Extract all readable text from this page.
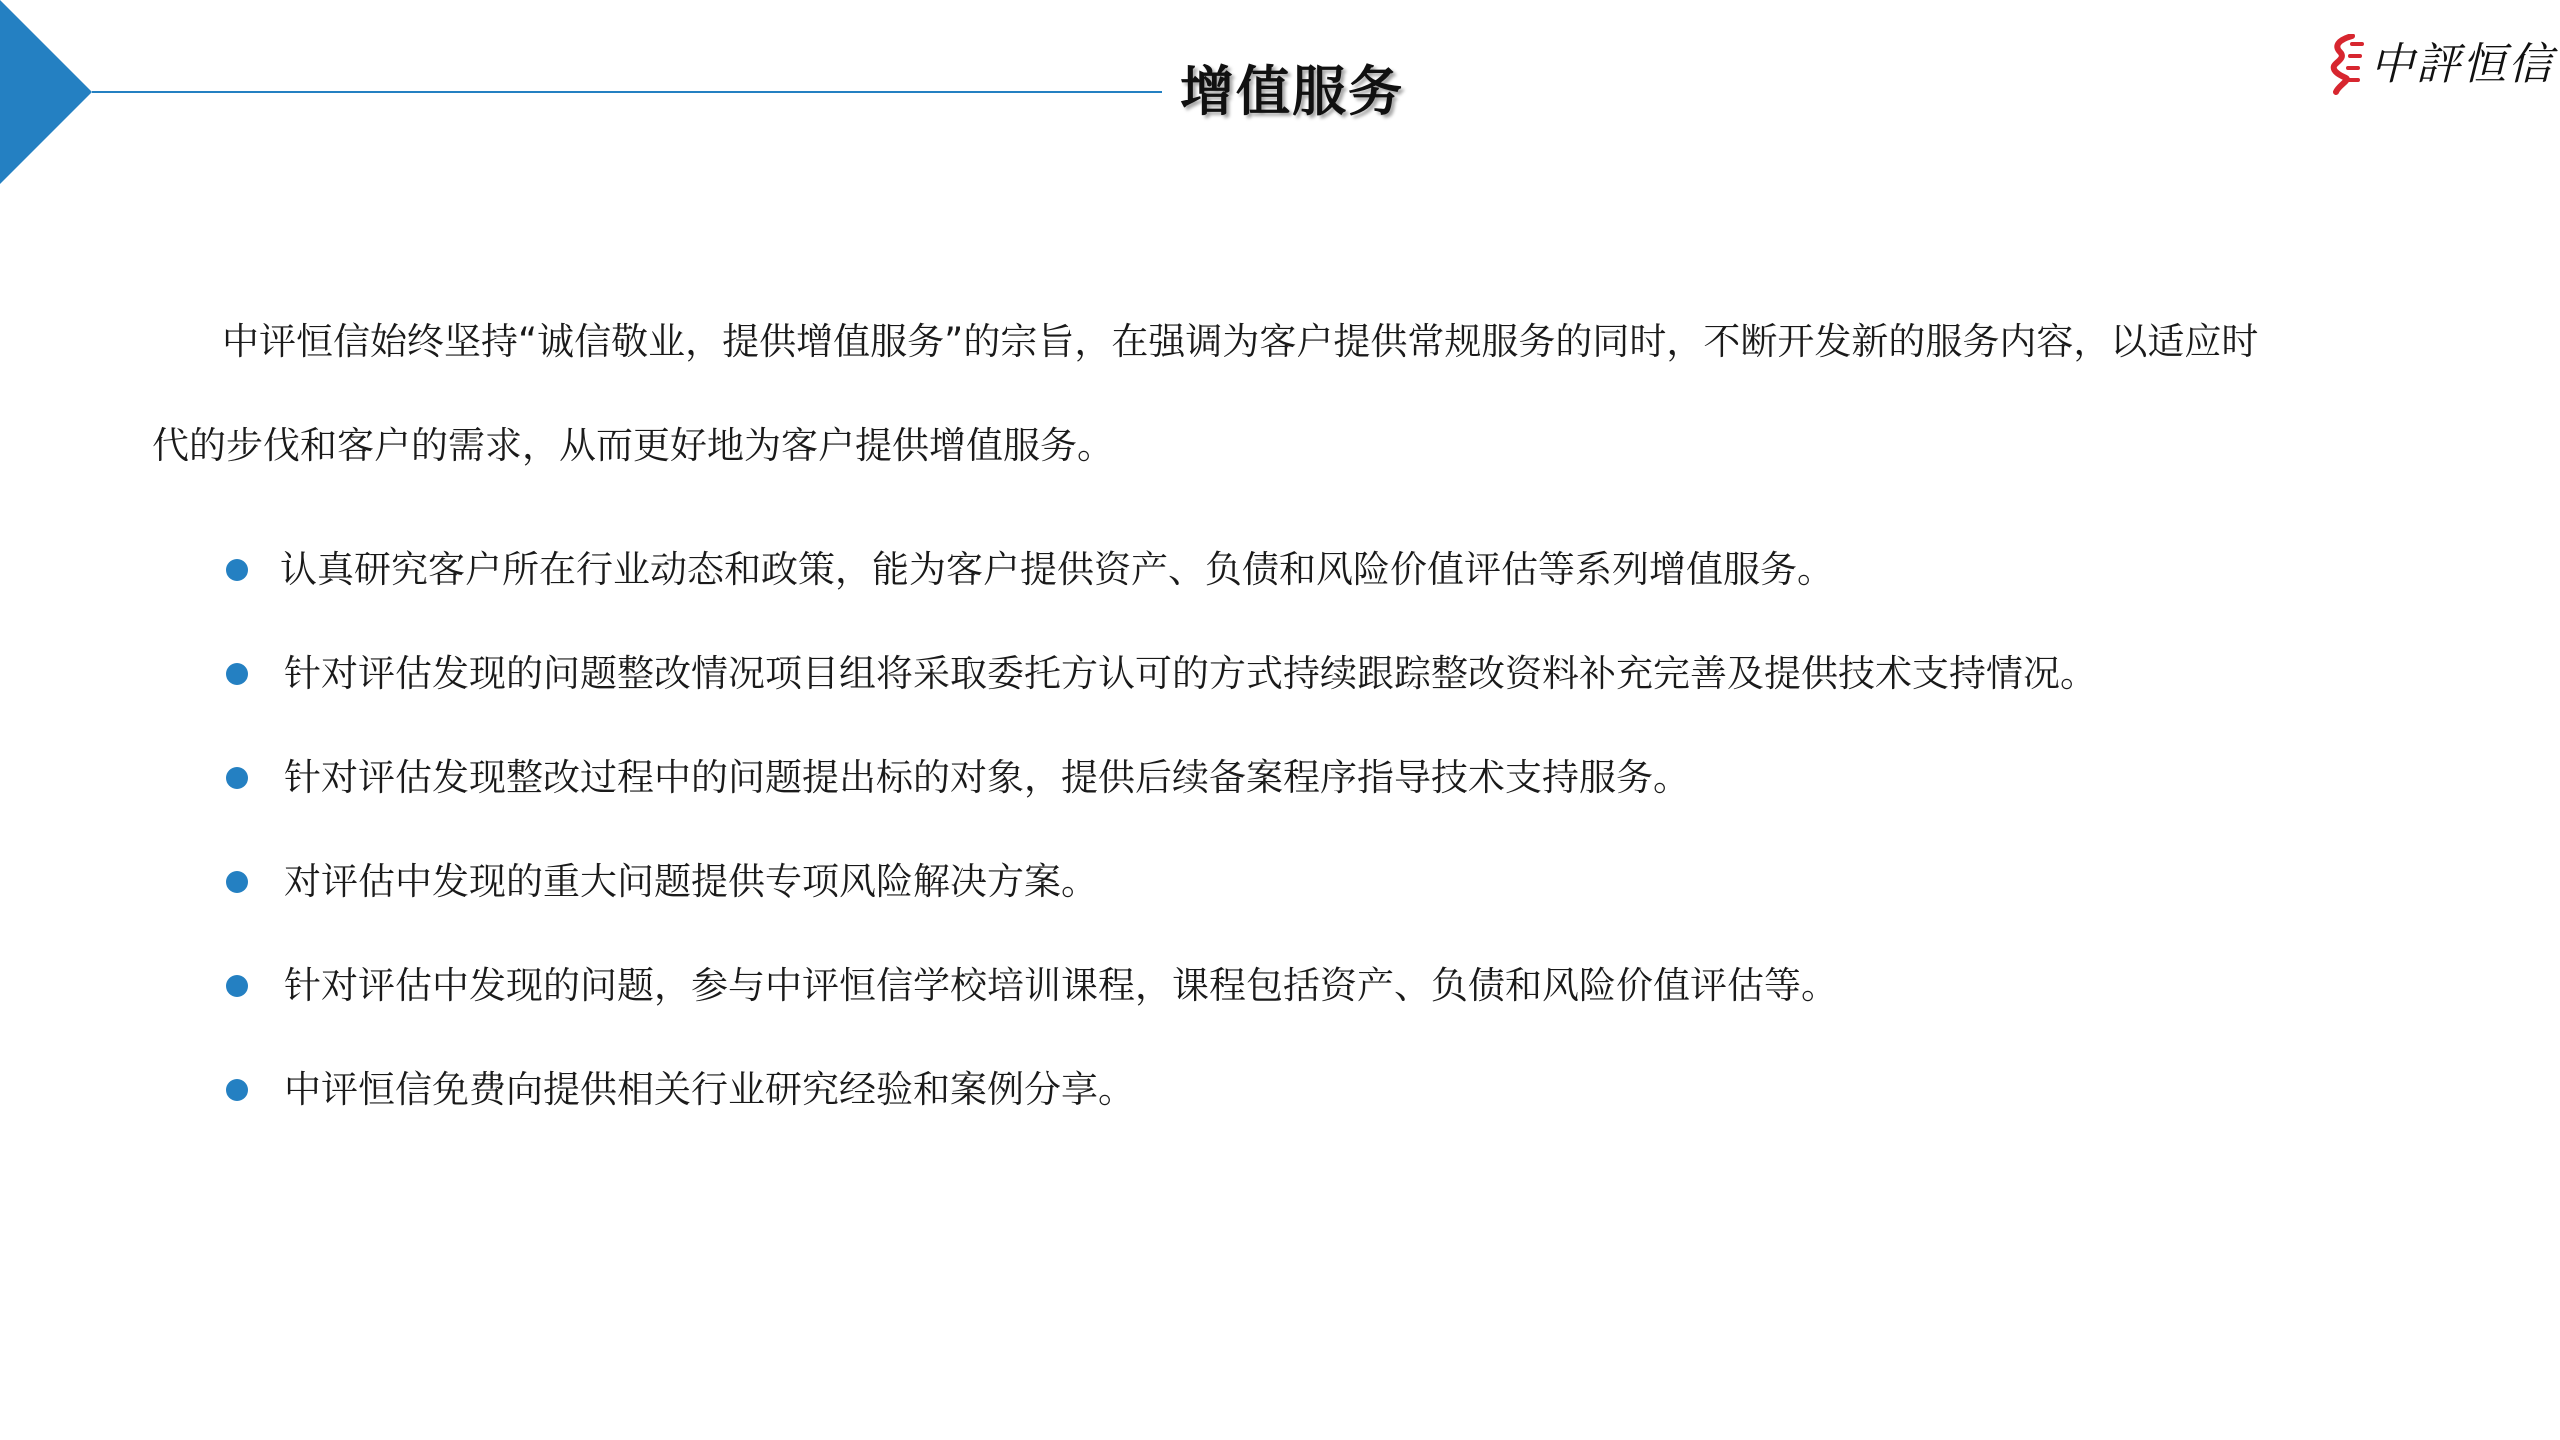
增值服务	中評恒信
中评恒信始终坚持“诚信敬业，提供增值服务”的宗旨，在强调为客户提供常规服务的同时，不断开发新的服务内容，以适应时代的步伐和客户的需求，从而更好地为客户提供增值服务。
认真研究客户所在行业动态和政策，能为客户提供资产、负债和风险价值评估等系列增值服务。
针对评估发现的问题整改情况项目组将采取委托方认可的方式持续跟踪整改资料补充完善及提供技术支持情况。
针对评估发现整改过程中的问题提出标的对象，提供后续备案程序指导技术支持服务。
对评估中发现的重大问题提供专项风险解决方案。
针对评估中发现的问题，参与中评恒信学校培训课程，课程包括资产、负债和风险价值评估等。
中评恒信免费向提供相关行业研究经验和案例分享。
